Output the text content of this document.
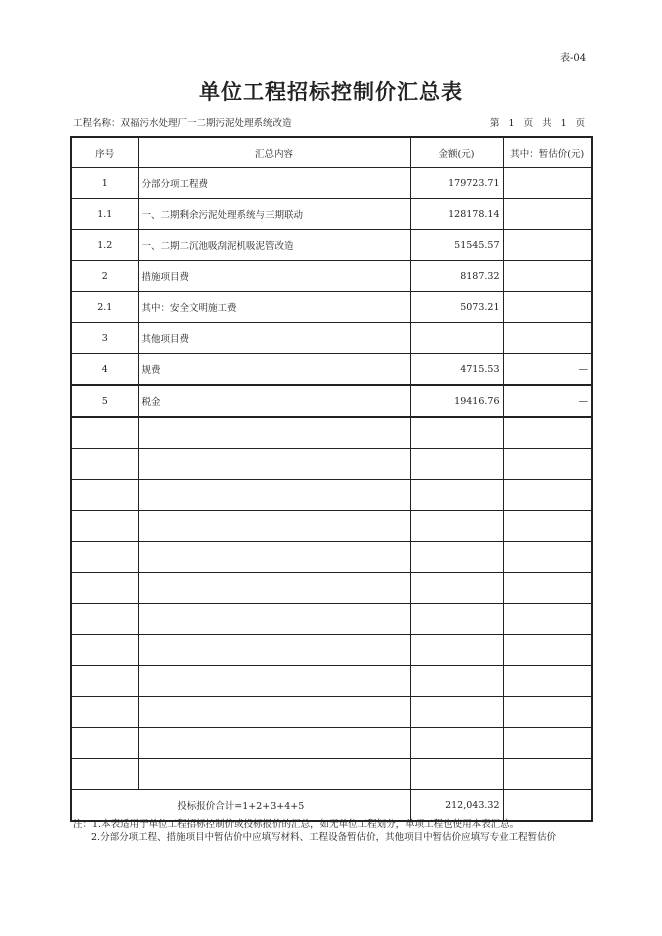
表-04
单位工程招标控制价汇总表
工程名称：双福污水处理厂一二期污泥处理系统改造	第 1 页 共 1 页
序号	汇总内容	金额(元)	其中：暂估价(元)
1	分部分项工程费	179723.71	
1.1	一、二期剩余污泥处理系统与三期联动	128178.14	
1.2	一、二期二沉池吸刮泥机吸泥管改造	51545.57	
2	措施项目费	8187.32	
2.1	其中：安全文明施工费	5073.21	
3	其他项目费		
4	规费	4715.53	—
5	税金	19416.76	—

投标报价合计=1+2+3+4+5		212,043.32	
注：1.本表适用于单位工程招标控制价或投标报价的汇总，如无单位工程划分，单项工程也使用本表汇总。
2.分部分项工程、措施项目中暂估价中应填写材料、工程设备暂估价，其他项目中暂估价应填写专业工程暂估价
